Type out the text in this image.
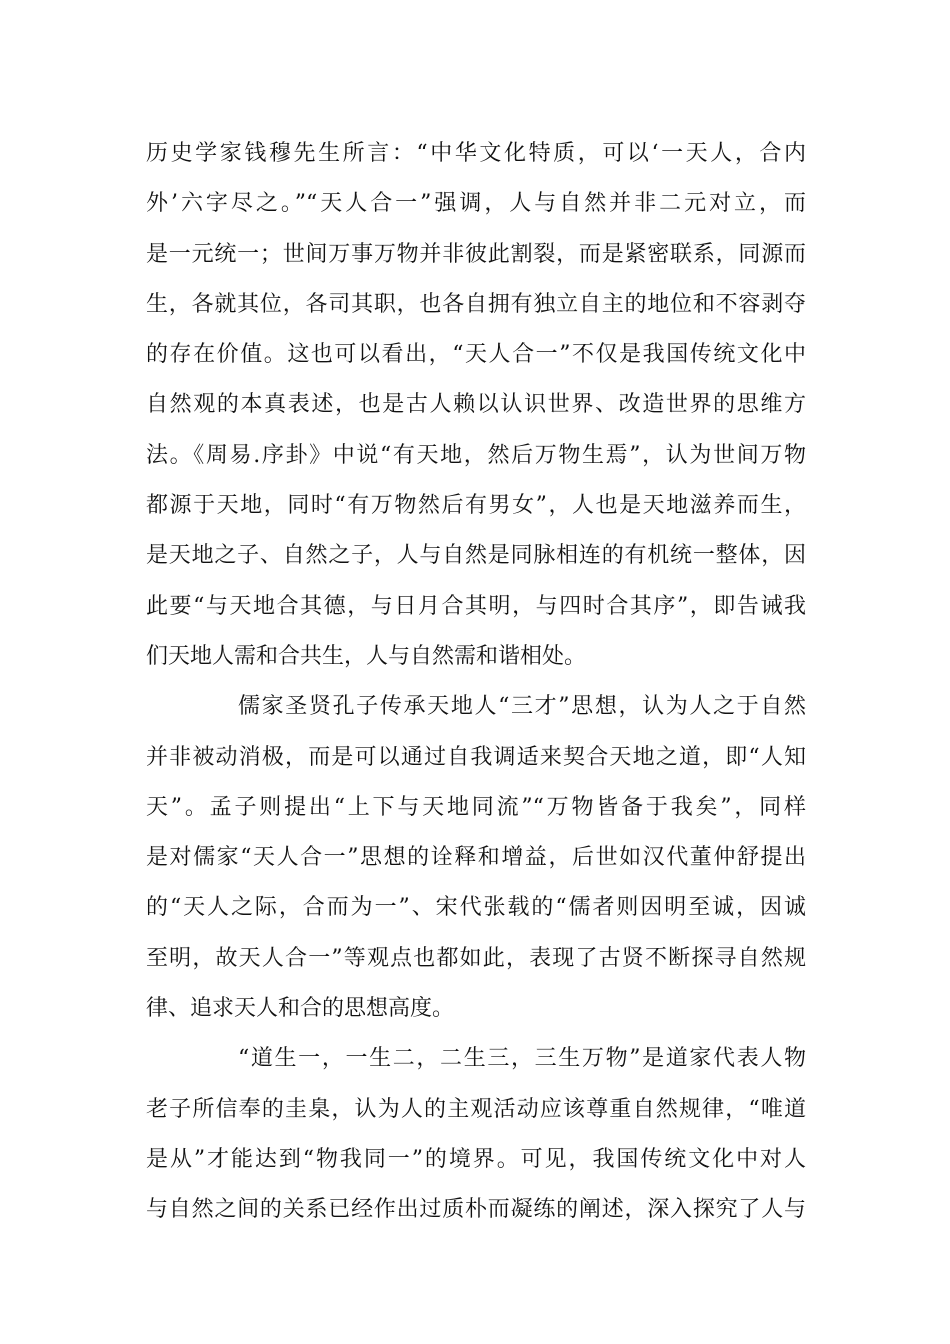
历史学家钱穆先生所言：“中华文化特质，可以‘一天人，合内
外’六字尽之。”“天人合一”强调，人与自然并非二元对立，而
是一元统一；世间万事万物并非彼此割裂，而是紧密联系，同源而
生，各就其位，各司其职，也各自拥有独立自主的地位和不容剥夺
的存在价值。这也可以看出，“天人合一”不仅是我国传统文化中
自然观的本真表述，也是古人赖以认识世界、改造世界的思维方
法。《周易.序卦》中说“有天地，然后万物生焉”，认为世间万物
都源于天地，同时“有万物然后有男女”，人也是天地滋养而生，
是天地之子、自然之子，人与自然是同脉相连的有机统一整体，因
此要“与天地合其德，与日月合其明，与四时合其序”，即告诫我
们天地人需和合共生，人与自然需和谐相处。
儒家圣贤孔子传承天地人“三才”思想，认为人之于自然
并非被动消极，而是可以通过自我调适来契合天地之道，即“人知
天”。孟子则提出“上下与天地同流”“万物皆备于我矣”，同样
是对儒家“天人合一”思想的诠释和增益，后世如汉代董仲舒提出
的“天人之际，合而为一”、宋代张载的“儒者则因明至诚，因诚
至明，故天人合一”等观点也都如此，表现了古贤不断探寻自然规
律、追求天人和合的思想高度。
“道生一，一生二，二生三，三生万物”是道家代表人物
老子所信奉的圭臬，认为人的主观活动应该尊重自然规律，“唯道
是从”才能达到“物我同一”的境界。可见，我国传统文化中对人
与自然之间的关系已经作出过质朴而凝练的阐述，深入探究了人与
